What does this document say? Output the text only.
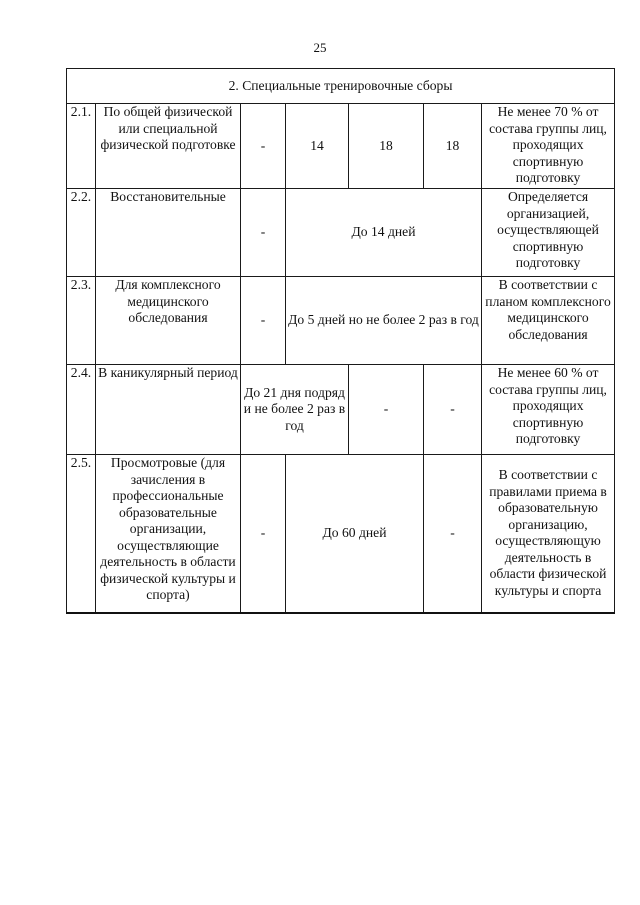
25
2. Специальные тренировочные сборы						
2.1.	По общей физической или специальной физической подготовке	-	14	18	18	Не менее 70 % от состава группы лиц, проходящих спортивную подготовку
2.2.	Восстановительные	-	До 14 дней			Определяется организацией, осуществляющей спортивную подготовку
2.3.	Для комплексного медицинского обследования	-	До 5 дней но не более 2 раз в год			В соответствии с планом комплексного медицинского обследования
2.4.	В каникулярный период	До 21 дня подряд и не более 2 раз в год		-	-	Не менее 60 % от состава группы лиц, проходящих спортивную подготовку
2.5.	Просмотровые (для зачисления в профессиональные образовательные организации, осуществляющие деятельность в области физической культуры и спорта)	-	До 60 дней		-	В соответствии с правилами приема в образовательную организацию, осуществляющую деятельность в области физической культуры и спорта
